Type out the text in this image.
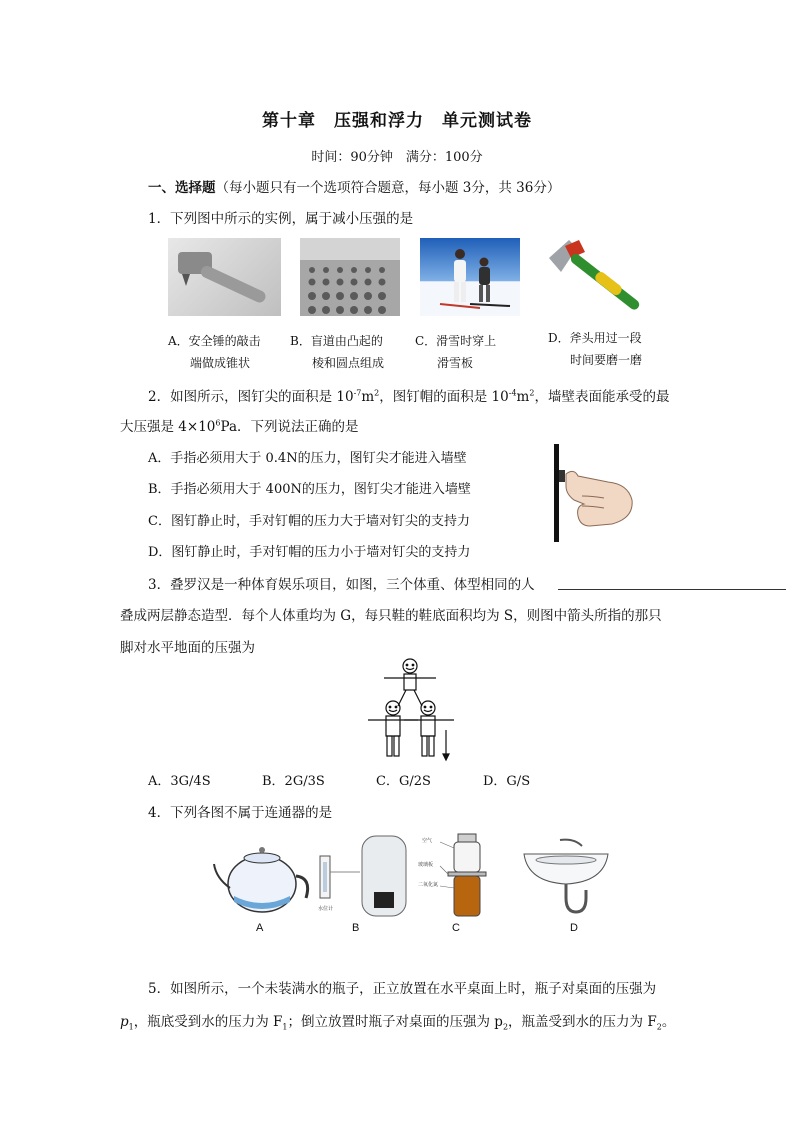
第十章　压强和浮力　单元测试卷
时间：90分钟　满分：100分
一、选择题（每小题只有一个选项符合题意，每小题 3分，共 36分）
1．下列图中所示的实例，属于减小压强的是
A．安全锤的敲击
端做成锥状
B．盲道由凸起的
棱和圆点组成
C．滑雪时穿上
滑雪板
D．斧头用过一段
时间要磨一磨
2．如图所示，图钉尖的面积是 $10^{-7}m^2$，图钉帽的面积是 $10^{-4}m^2$，墙壁表面能承受的最
大压强是 $4\times 10^6Pa$．下列说法正确的是
A．手指必须用大于 0.4N的压力，图钉尖才能进入墙壁
B．手指必须用大于 400N的压力，图钉尖才能进入墙壁
C．图钉静止时，手对钉帽的压力大于墙对钉尖的支持力
D．图钉静止时，手对钉帽的压力小于墙对钉尖的支持力
3．叠罗汉是一种体育娱乐项目，如图，三个体重、体型相同的人
叠成两层静态造型．每个人体重均为 G，每只鞋的鞋底面积均为 S，则图中箭头所指的那只
脚对水平地面的压强为
A．3G/4S	B．2G/3S	C．G/2S	D．G/S
4．下列各图不属于连通器的是
A
水位计
B
空气
玻璃板
二氧化氮
C	D
5．如图所示，一个未装满水的瓶子，正立放置在水平桌面上时，瓶子对桌面的压强为
$p_1$，瓶底受到水的压力为 $F_1$；倒立放置时瓶子对桌面的压强为 $p_2$，瓶盖受到水的压力为 $F_2$。
